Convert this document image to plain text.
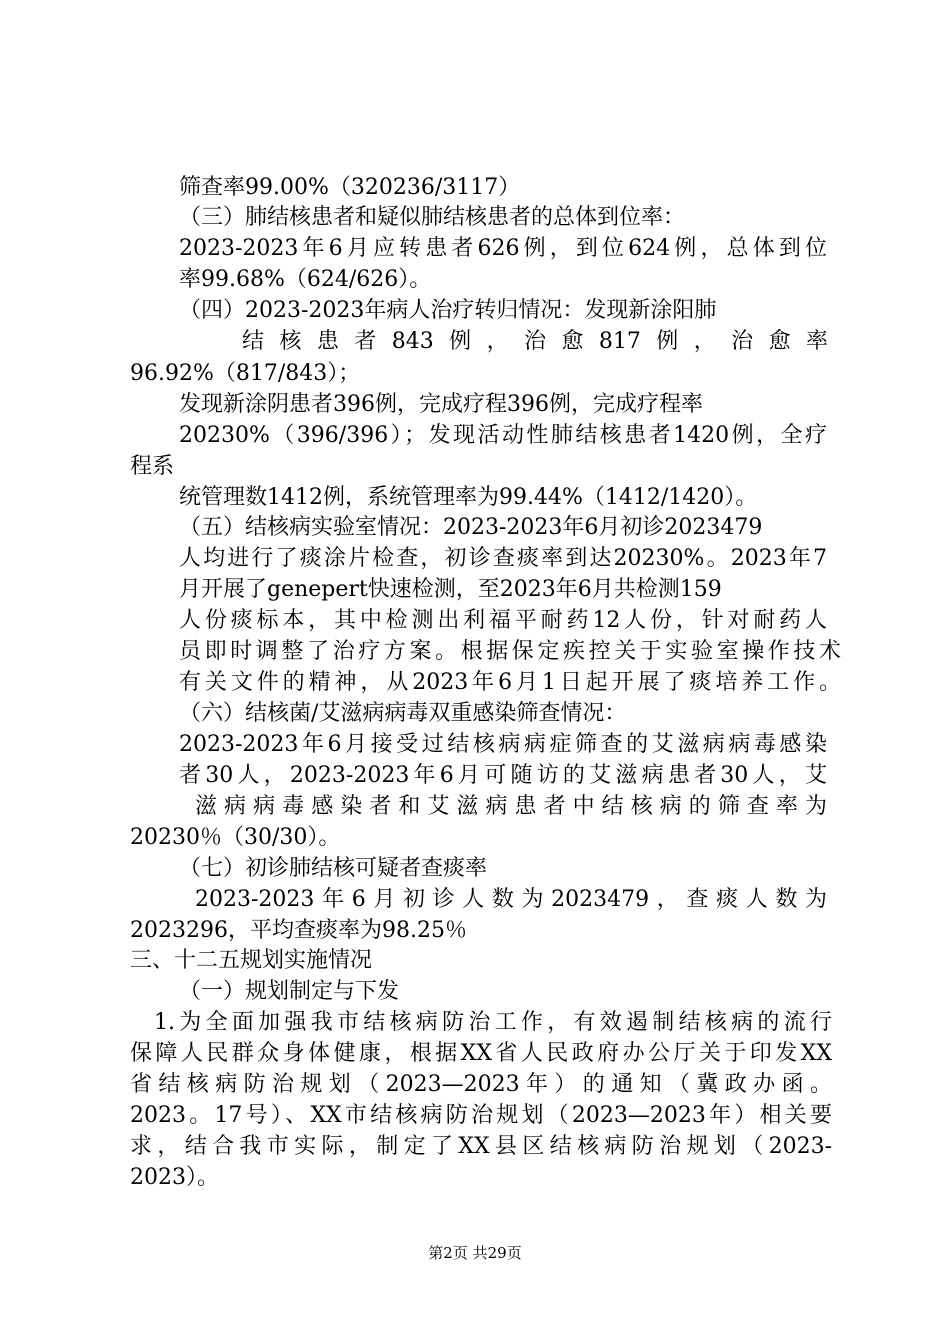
筛查率99.00%（320236/3117）
（三）肺结核患者和疑似肺结核患者的总体到位率：
2023-2023年6月应转患者626例，到位624例，总体到位
率99.68%（624/626）。
（四）2023-2023年病人治疗转归情况：发现新涂阳肺
结核患者843例，治愈817例，治愈率
96.92%（817/843）；
发现新涂阴患者396例，完成疗程396例，完成疗程率
20230%（396/396）；发现活动性肺结核患者1420例，全疗
程系
统管理数1412例，系统管理率为99.44%（1412/1420）。
（五）结核病实验室情况：2023-2023年6月初诊2023479
人均进行了痰涂片检查，初诊查痰率到达20230%。2023年7
月开展了genepert快速检测，至2023年6月共检测159
人份痰标本，其中检测出利福平耐药12人份，针对耐药人
员即时调整了治疗方案。根据保定疾控关于实验室操作技术
有关文件的精神，从2023年6月1日起开展了痰培养工作。
（六）结核菌/艾滋病病毒双重感染筛查情况：
2023-2023年6月接受过结核病病症筛查的艾滋病病毒感染
者30人，2023-2023年6月可随访的艾滋病患者30人，艾
滋病病毒感染者和艾滋病患者中结核病的筛查率为
20230％（30/30）。
（七）初诊肺结核可疑者查痰率
2023-2023年6月初诊人数为2023479，查痰人数为
2023296，平均查痰率为98.25％
三、十二五规划实施情况
（一）规划制定与下发
1.为全面加强我市结核病防治工作，有效遏制结核病的流行
保障人民群众身体健康，根据XX省人民政府办公厅关于印发XX
省结核病防治规划（2023—2023年）的通知（冀政办函。
2023。17号）、XX市结核病防治规划（2023—2023年）相关要
求，结合我市实际，制定了XX县区结核病防治规划（2023-
2023）。
第2页 共29页
